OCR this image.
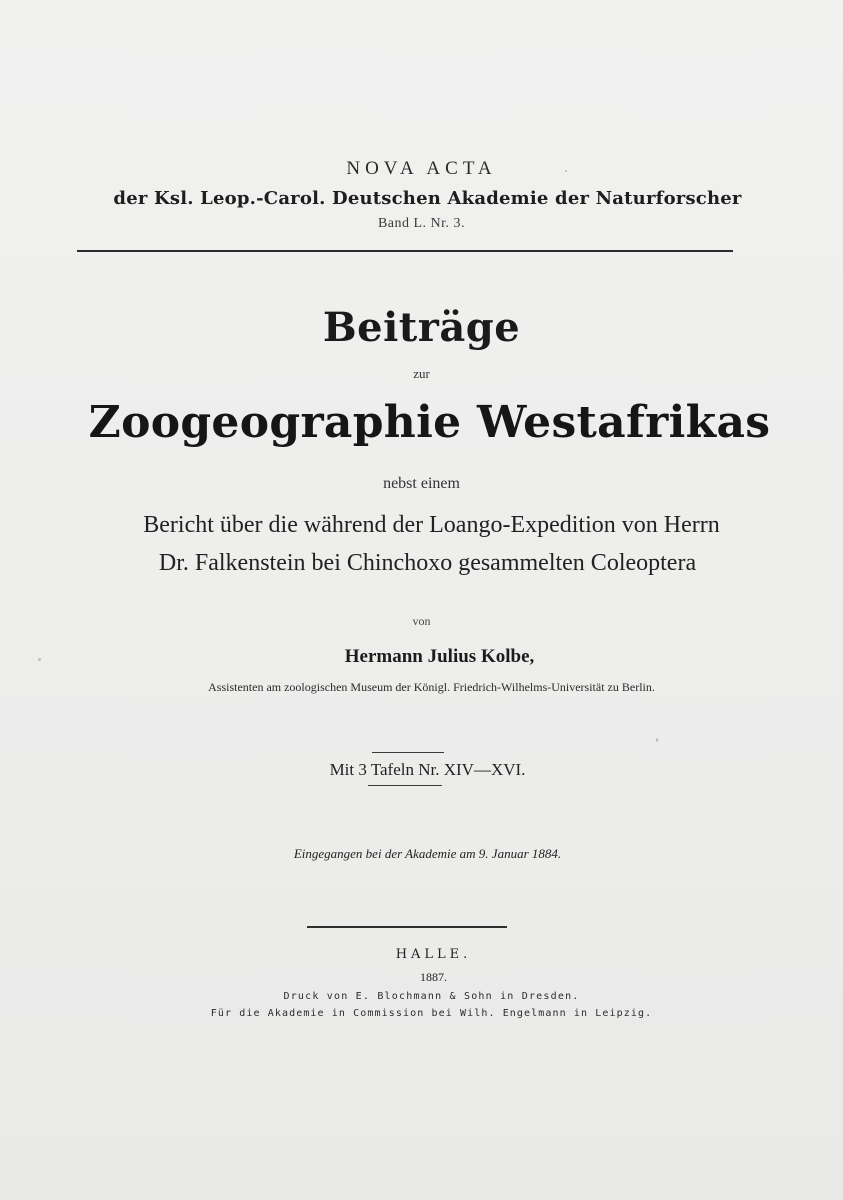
NOVA ACTA
der Ksl. Leop.-Carol. Deutschen Akademie der Naturforscher
Band L. Nr. 3.
Beiträge
zur
Zoogeographie Westafrikas
nebst einem
Bericht über die während der Loango-Expedition von Herrn
Dr. Falkenstein bei Chinchoxo gesammelten Coleoptera
von
Hermann Julius Kolbe,
Assistenten am zoologischen Museum der Königl. Friedrich-Wilhelms-Universität zu Berlin.
Mit 3 Tafeln Nr. XIV—XVI.
Eingegangen bei der Akademie am 9. Januar 1884.
HALLE.
1887.
Druck von E. Blochmann & Sohn in Dresden.
Für die Akademie in Commission bei Wilh. Engelmann in Leipzig.
